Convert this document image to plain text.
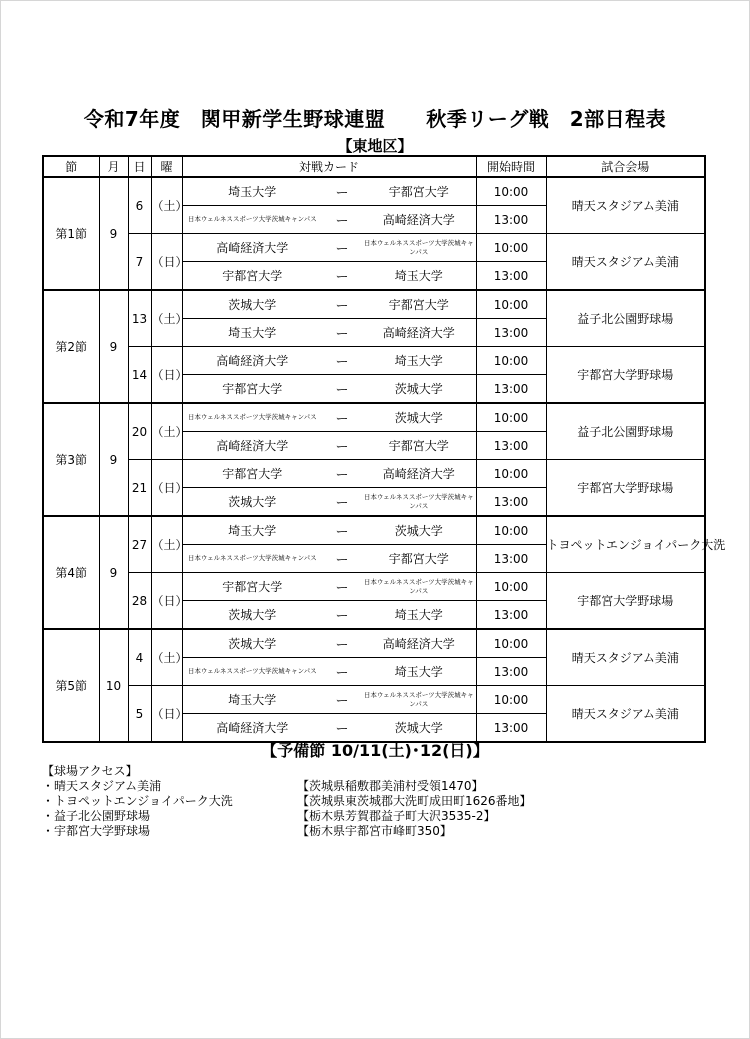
令和7年度　関甲新学生野球連盟　　秋季リーグ戦　2部日程表
【東地区】
節	月	日	曜	対戦カード			開始時間	試合会場
第1節	9	6	（土）	埼玉大学	ー	宇都宮大学	10:00	晴天スタジアム美浦
				日本ウェルネススポーツ大学茨城キャンパス	ー	高崎経済大学	13:00	
		7	（日）	高崎経済大学	ー	日本ウェルネススポーツ大学茨城キャンパス	10:00	晴天スタジアム美浦
				宇都宮大学	ー	埼玉大学	13:00	
第2節	9	13	（土）	茨城大学	ー	宇都宮大学	10:00	益子北公園野球場
				埼玉大学	ー	高崎経済大学	13:00	
		14	（日）	高崎経済大学	ー	埼玉大学	10:00	宇都宮大学野球場
				宇都宮大学	ー	茨城大学	13:00	
第3節	9	20	（土）	日本ウェルネススポーツ大学茨城キャンパス	ー	茨城大学	10:00	益子北公園野球場
				高崎経済大学	ー	宇都宮大学	13:00	
		21	（日）	宇都宮大学	ー	高崎経済大学	10:00	宇都宮大学野球場
				茨城大学	ー	日本ウェルネススポーツ大学茨城キャンパス	13:00	
第4節	9	27	（土）	埼玉大学	ー	茨城大学	10:00	トヨペットエンジョイパーク大洗
				日本ウェルネススポーツ大学茨城キャンパス	ー	宇都宮大学	13:00	
		28	（日）	宇都宮大学	ー	日本ウェルネススポーツ大学茨城キャンパス	10:00	宇都宮大学野球場
				茨城大学	ー	埼玉大学	13:00	
第5節	10	4	（土）	茨城大学	ー	高崎経済大学	10:00	晴天スタジアム美浦
				日本ウェルネススポーツ大学茨城キャンパス	ー	埼玉大学	13:00	
		5	（日）	埼玉大学	ー	日本ウェルネススポーツ大学茨城キャンパス	10:00	晴天スタジアム美浦
				高崎経済大学	ー	茨城大学	13:00	
【予備節 10/11(土)･12(日)】
【球場アクセス】
・晴天スタジアム美浦	【茨城県稲敷郡美浦村受領1470】
・トヨペットエンジョイパーク大洗	【茨城県東茨城郡大洗町成田町1626番地】
・益子北公園野球場	【栃木県芳賀郡益子町大沢3535-2】
・宇都宮大学野球場	【栃木県宇都宮市峰町350】
